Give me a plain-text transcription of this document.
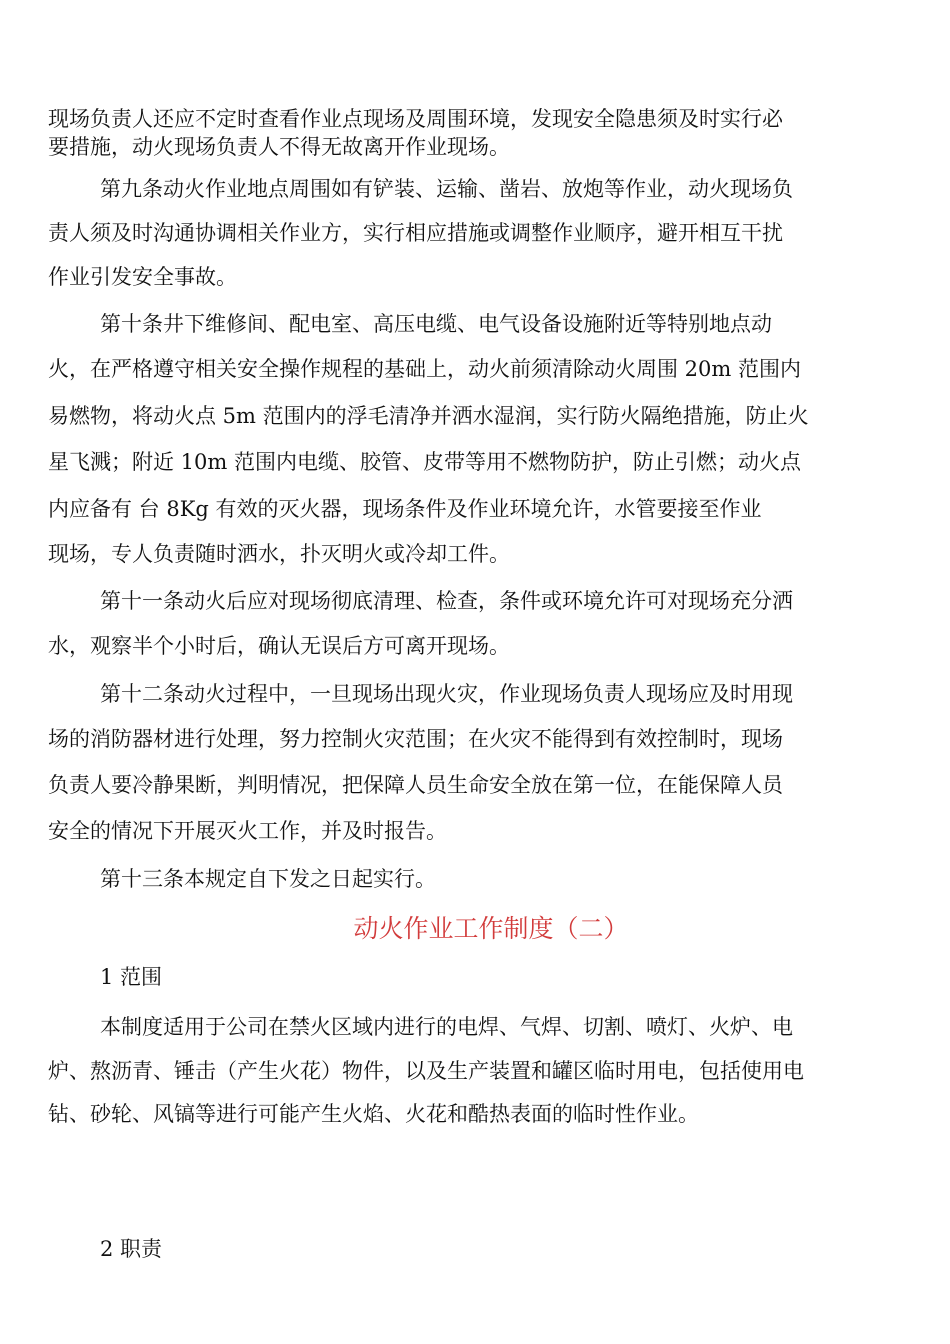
现场负责人还应不定时查看作业点现场及周围环境，发现安全隐患须及时实行必
要措施，动火现场负责人不得无故离开作业现场。
第九条动火作业地点周围如有铲装、运输、凿岩、放炮等作业，动火现场负
责人须及时沟通协调相关作业方，实行相应措施或调整作业顺序，避开相互干扰
作业引发安全事故。
第十条井下维修间、配电室、高压电缆、电气设备设施附近等特别地点动
火，在严格遵守相关安全操作规程的基础上，动火前须清除动火周围 20m 范围内
易燃物，将动火点 5m 范围内的浮毛清净并洒水湿润，实行防火隔绝措施，防止火
星飞溅；附近 10m 范围内电缆、胶管、皮带等用不燃物防护，防止引燃；动火点
内应备有 台 8Kg 有效的灭火器，现场条件及作业环境允许，水管要接至作业
现场，专人负责随时洒水，扑灭明火或冷却工件。
第十一条动火后应对现场彻底清理、检查，条件或环境允许可对现场充分洒
水，观察半个小时后，确认无误后方可离开现场。
第十二条动火过程中，一旦现场出现火灾，作业现场负责人现场应及时用现
场的消防器材进行处理，努力控制火灾范围；在火灾不能得到有效控制时，现场
负责人要冷静果断，判明情况，把保障人员生命安全放在第一位，在能保障人员
安全的情况下开展灭火工作，并及时报告。
第十三条本规定自下发之日起实行。
动火作业工作制度（二）
1 范围
本制度适用于公司在禁火区域内进行的电焊、气焊、切割、喷灯、火炉、电
炉、熬沥青、锤击（产生火花）物件，以及生产装置和罐区临时用电，包括使用电
钻、砂轮、风镐等进行可能产生火焰、火花和酷热表面的临时性作业。
2 职责
